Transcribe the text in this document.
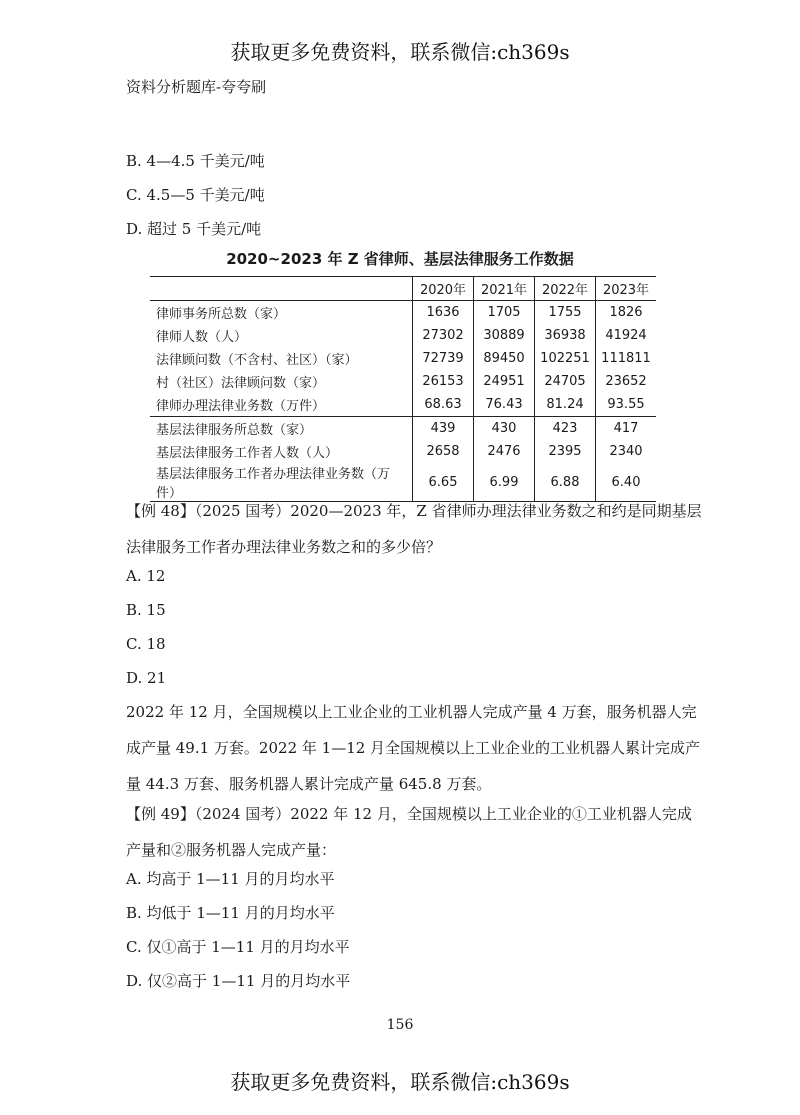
获取更多免费资料，联系微信:ch369s
资料分析题库-夸夸刷
B. 4—4.5 千美元/吨
C. 4.5—5 千美元/吨
D. 超过 5 千美元/吨
2020~2023 年 Z 省律师、基层法律服务工作数据
	2020年	2021年	2022年	2023年
律师事务所总数（家）	1636	1705	1755	1826
律师人数（人）	27302	30889	36938	41924
法律顾问数（不含村、社区）（家）	72739	89450	102251	111811
村（社区）法律顾问数（家）	26153	24951	24705	23652
律师办理法律业务数（万件）	68.63	76.43	81.24	93.55
基层法律服务所总数（家）	439	430	423	417
基层法律服务工作者人数（人）	2658	2476	2395	2340
基层法律服务工作者办理法律业务数（万件）	6.65	6.99	6.88	6.40
【例 48】（2025 国考）2020—2023 年，Z 省律师办理法律业务数之和约是同期基层法律服务工作者办理法律业务数之和的多少倍？
A. 12
B. 15
C. 18
D. 21
2022 年 12 月，全国规模以上工业企业的工业机器人完成产量 4 万套，服务机器人完成产量 49.1 万套。2022 年 1—12 月全国规模以上工业企业的工业机器人累计完成产量 44.3 万套、服务机器人累计完成产量 645.8 万套。
【例 49】（2024 国考）2022 年 12 月，全国规模以上工业企业的①工业机器人完成产量和②服务机器人完成产量：
A. 均高于 1—11 月的月均水平
B. 均低于 1—11 月的月均水平
C. 仅①高于 1—11 月的月均水平
D. 仅②高于 1—11 月的月均水平
156
获取更多免费资料，联系微信:ch369s
